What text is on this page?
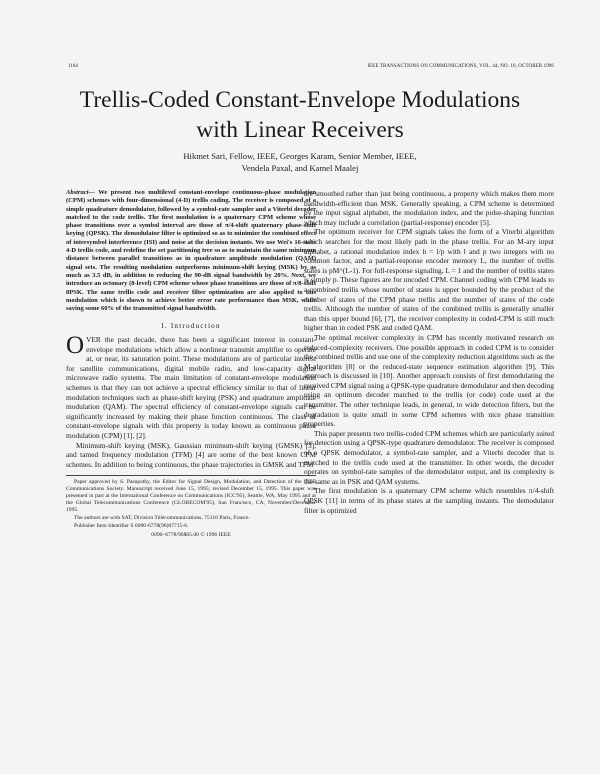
1164	IEEE TRANSACTIONS ON COMMUNICATIONS, VOL. 44, NO. 10, OCTOBER 1996
Trellis-Coded Constant-Envelope Modulations
with Linear Receivers
Hikmet Sari, Fellow, IEEE, Georges Karam, Senior Member, IEEE,
Vendela Paxal, and Kamel Maalej
Abstract— We present two multilevel constant-envelope continuous-phase modulation (CPM) schemes with four-dimensional (4-D) trellis coding. The receiver is composed of a simple quadrature demodulator, followed by a symbol-rate sampler and a Viterbi decoder matched to the code trellis. The first modulation is a quaternary CPM scheme whose phase transitions over a symbol interval are those of π/4-shift quaternary phase-shift keying (QPSK). The demodulator filter is optimized so as to minimize the combined effect of intersymbol interference (ISI) and noise at the decision instants. We use Wei's 16-state 4-D trellis code, and redefine the set partitioning tree so as to maintain the same minimum distance between parallel transitions as in quadrature amplitude modulation (QAM) signal sets. The resulting modulation outperforms minimum-shift keying (MSK) by as much as 3.5 dB, in addition to reducing the 90-dB signal bandwidth by 20%. Next, we introduce an octonary (8-level) CPM scheme whose phase transitions are those of π/8-shift 8PSK. The same trellis code and receiver filter optimization are also applied to this modulation which is shown to achieve better error rate performance than MSK, while saving some 60% of the transmitted signal bandwidth.
I. Introduction

O VER the past decade, there has been a significant interest in constant-envelope modulations which allow a nonlinear transmit amplifier to operate at, or near, its saturation point. These modulations are of particular interest for satellite communications, digital mobile radio, and low-capacity digital microwave radio systems. The main limitation of constant-envelope modulation schemes is that they can not achieve a spectral efficiency similar to that of linear modulation techniques such as phase-shift keying (PSK) and quadrature amplitude modulation (QAM). The spectral efficiency of constant-envelope signals can be significantly increased by making their phase function continuous. The class of constant-envelope signals with this property is today known as continuous phase modulation (CPM) [1], [2].

Minimum-shift keying (MSK), Gaussian minimum-shift keying (GMSK) [3], and tamed frequency modulation (TFM) [4] are some of the best known CPM schemes. In addition to being continuous, the phase trajectories in GMSK and TFM

Paper approved by S. Pasupathy, the Editor for Signal Design, Modulation, and Detection of the IEEE Communications Society. Manuscript received June 15, 1995; revised December 15, 1995. This paper was presented in part at the International Conference on Communications (ICC'95), Seattle, WA, May 1995 and at the Global Telecommunications Conference (GLOBECOM'95), San Francisco, CA, November/December 1995.

The authors are with SAT, Division Télécommunications, 75116 Paris, France.

Publisher Item Identifier S 0090-6778(96)07715-6.

0090–6778/96$05.00 © 1996 IEEE

are smoothed rather than just being continuous, a property which makes them more bandwidth-efficient than MSK. Generally speaking, a CPM scheme is determined by the input signal alphabet, the modulation index, and the pulse-shaping function which may include a correlation (partial-response) encoder [5].

The optimum receiver for CPM signals takes the form of a Viterbi algorithm which searches for the most likely path in the phase trellis. For an M-ary input alphabet, a rational modulation index h = l/p with l and p two integers with no common factor, and a partial-response encoder memory L, the number of trellis states is pM^(L-1). For full-response signaling, L = 1 and the number of trellis states is simply p. These figures are for uncoded CPM. Channel coding with CPM leads to a combined trellis whose number of states is upper bounded by the product of the number of states of the CPM phase trellis and the number of states of the code trellis. Although the number of states of the combined trellis is generally smaller than this upper bound [6], [7], the receiver complexity in coded-CPM is still much higher than in coded PSK and coded QAM.

The optimal receiver complexity in CPM has recently motivated research on reduced-complexity receivers. One possible approach in coded CPM is to consider the combined trellis and use one of the complexity reduction algorithms such as the M-algorithm [8] or the reduced-state sequence estimation algorithm [9]. This approach is discussed in [10]. Another approach consists of first demodulating the received CPM signal using a QPSK-type quadrature demodulator and then decoding using an optimum decoder matched to the trellis (or code) code used at the transmitter. The other technique leads, in general, to wide detection filters, but the degradation is quite small in some CPM schemes with nice phase transition properties.

This paper presents two trellis-coded CPM schemes which are particularly suited for detection using a QPSK-type quadrature demodulator. The receiver is composed of a QPSK demodulator, a symbol-rate sampler, and a Viterbi decoder that is matched to the trellis code used at the transmitter. In other words, the decoder operates on symbol-rate samples of the demodulator output, and its complexity is the same as in PSK and QAM systems.

The first modulation is a quaternary CPM scheme which resembles π/4-shift QPSK [11] in terms of its phase states at the sampling instants. The demodulator filter is optimized
